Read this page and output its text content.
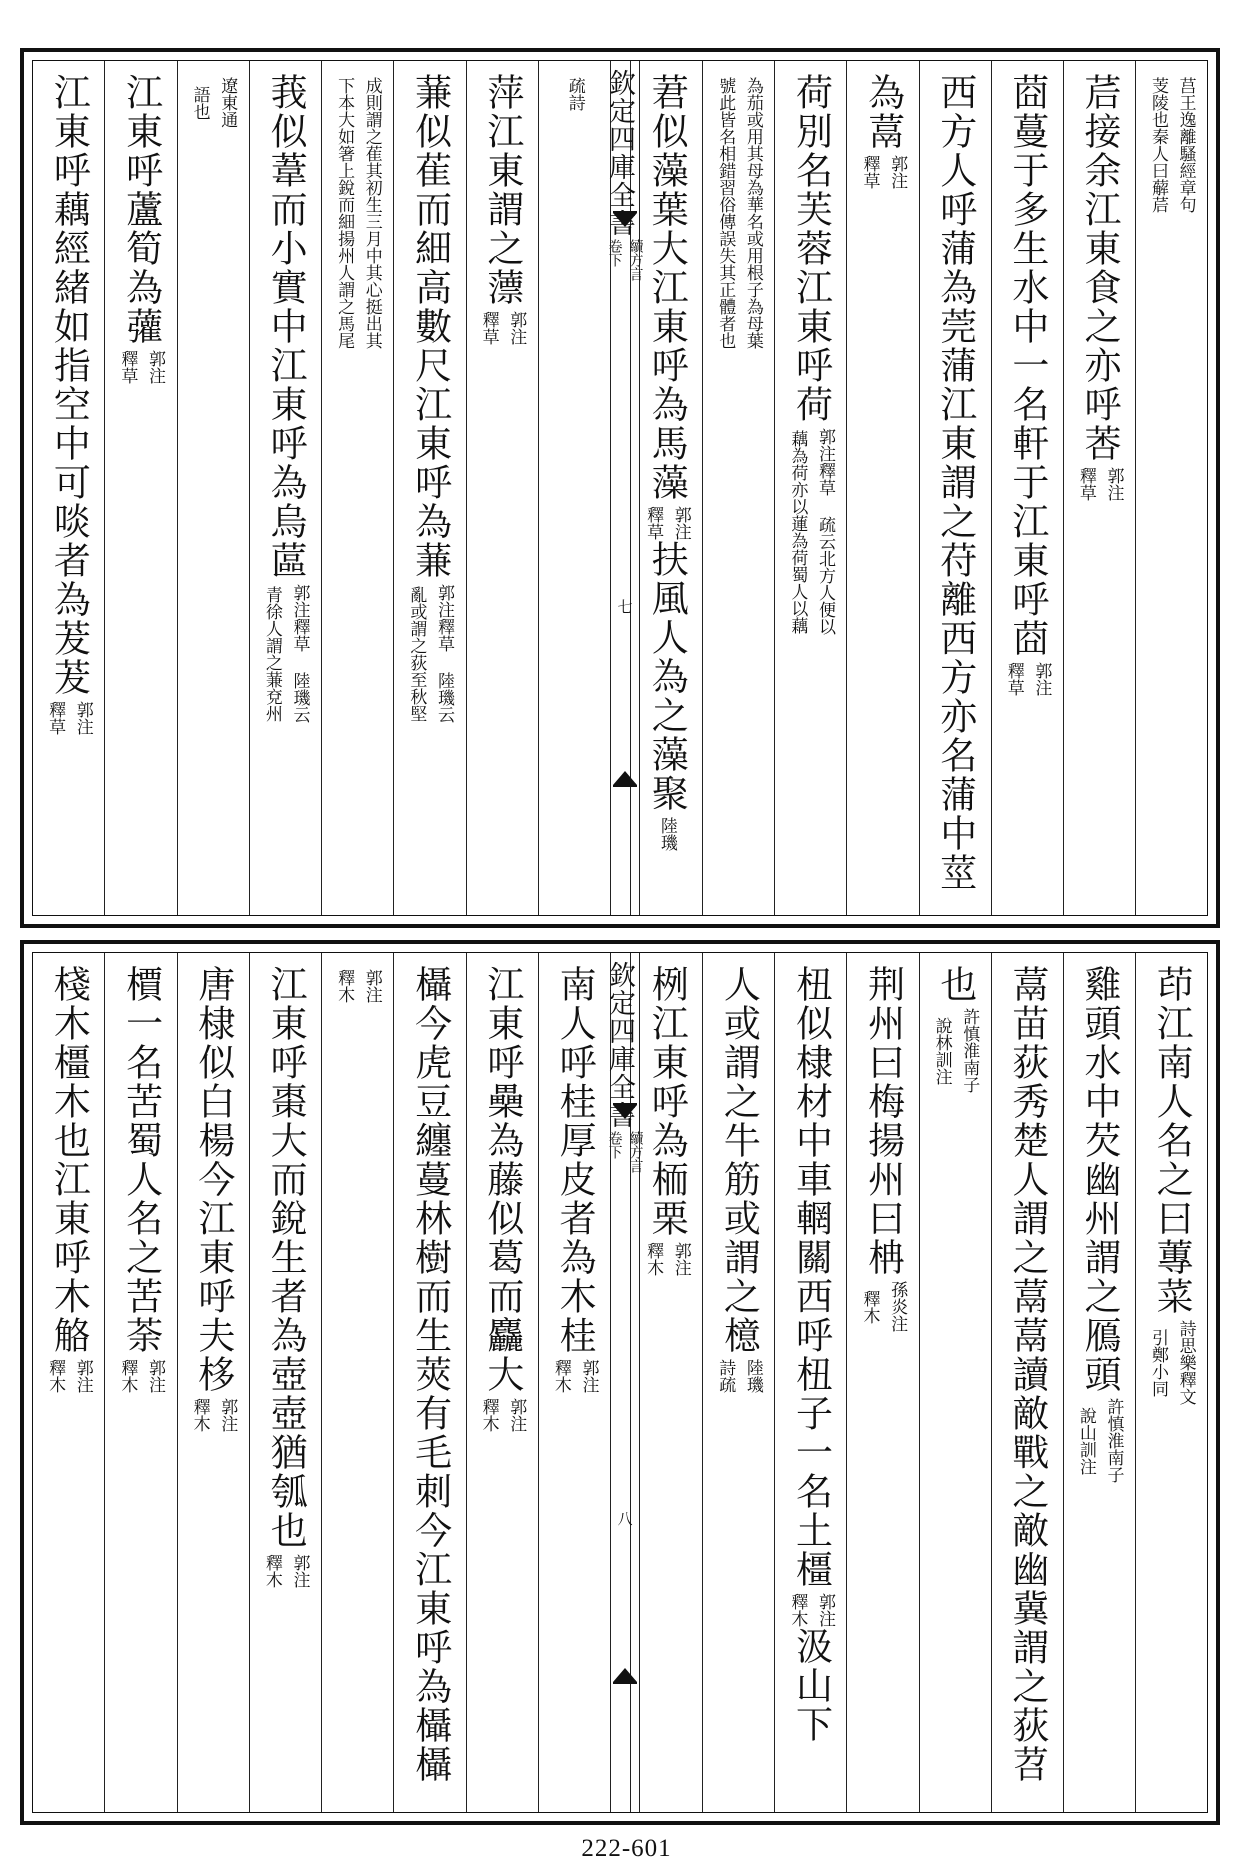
莒王逸離騷經章句
芰陵也秦人曰薢茩
茩接余江東食之亦呼莕
郭注
釋草
莔蔓于多生水中一名軒于江東呼莔
郭注
釋草
西方人呼蒲為莞蒲江東謂之苻離西方亦名蒲中莖
為蒚
郭注
釋草
荷別名芙蓉江東呼荷
郭注釋草 疏云北方人便以
藕為荷亦以蓮為荷蜀人以藕
為茄或用其母為華名或用根子為母葉
號此皆名相錯習俗傳誤失其正體者也
莙似藻葉大江東呼為馬藻
郭注
釋草
扶風人為之藻聚
陸璣
欽定四庫全書
續方言
卷下
七
疏詩
萍江東謂之薸
郭注
釋草
蒹似萑而細高數尺江東呼為蒹
郭注釋草 陸璣云
亂或謂之荻至秋堅
成則謂之萑其初生三月中其心挺出其
下本大如箸上銳而細揚州人謂之馬尾
莪似葦而小實中江東呼為烏蓲
郭注釋草 陸璣云
青徐人謂之蒹兗州
遼東通
語也
江東呼蘆筍為虇
郭注
釋草
江東呼藕經緒如指空中可啖者為茇茇
郭注
釋草
茚江南人名之曰蓴菜
詩思樂釋文
引鄭小同
雞頭水中芡幽州謂之鴈頭
許慎淮南子
說山訓注
蒚苗荻秀楚人謂之蒚蒚讀敵戰之敵幽冀謂之荻苕
也
許慎淮南子
說林訓注
荆州曰梅揚州曰柟
孫炎注
釋木
杻似棣材中車輞關西呼杻子一名土橿
郭注
釋木
汲山下
人或謂之牛筋或謂之檍
陸璣
詩疏
栵江東呼為栭栗
郭注
釋木
欽定四庫全書
續方言
卷下
八
南人呼桂厚皮者為木桂
郭注
釋木
江東呼櫐為藤似葛而麤大
郭注
釋木
欇今虎豆纏蔓林樹而生莢有毛刺今江東呼為欇欇
郭注
釋木
江東呼棗大而銳生者為壺壺猶瓠也
郭注
釋木
唐棣似白楊今江東呼夫栘
郭注
釋木
檟一名苦蜀人名之苦荼
郭注
釋木
棧木橿木也江東呼木觡
郭注
釋木
222-601
